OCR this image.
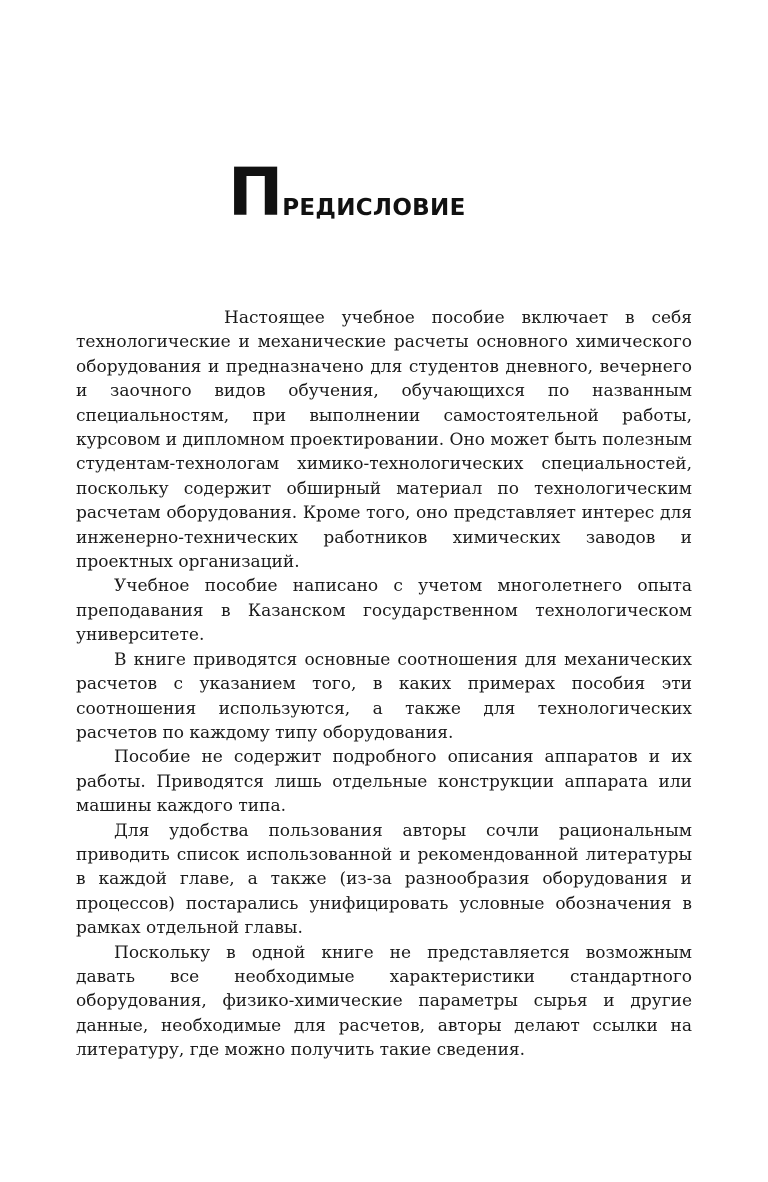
ПРЕДИСЛОВИЕ

Настоящее учебное пособие включает в себя технологические и механические расчеты основного химического оборудования и предназначено для студентов дневного, вечернего и заочного видов обучения, обучающихся по названным специальностям, при выполнении самостоятельной работы, курсовом и дипломном проектировании. Оно может быть полезным студентам-технологам химико-технологических специальностей, поскольку содержит обширный материал по технологическим расчетам оборудования. Кроме того, оно представляет интерес для инженерно-технических работников химических заводов и проектных организаций.

Учебное пособие написано с учетом многолетнего опыта преподавания в Казанском государственном технологическом университете.

В книге приводятся основные соотношения для механических расчетов с указанием того, в каких примерах пособия эти соотношения используются, а также для технологических расчетов по каждому типу оборудования.

Пособие не содержит подробного описания аппаратов и их работы. Приводятся лишь отдельные конструкции аппарата или машины каждого типа.

Для удобства пользования авторы сочли рациональным приводить список использованной и рекомендованной литературы в каждой главе, а также (из-за разнообразия оборудования и процессов) постарались унифицировать условные обозначения в рамках отдельной главы.

Поскольку в одной книге не представляется возможным давать все необходимые характеристики стандартного оборудования, физико-химические параметры сырья и другие данные, необходимые для расчетов, авторы делают ссылки на литературу, где можно получить такие сведения.
